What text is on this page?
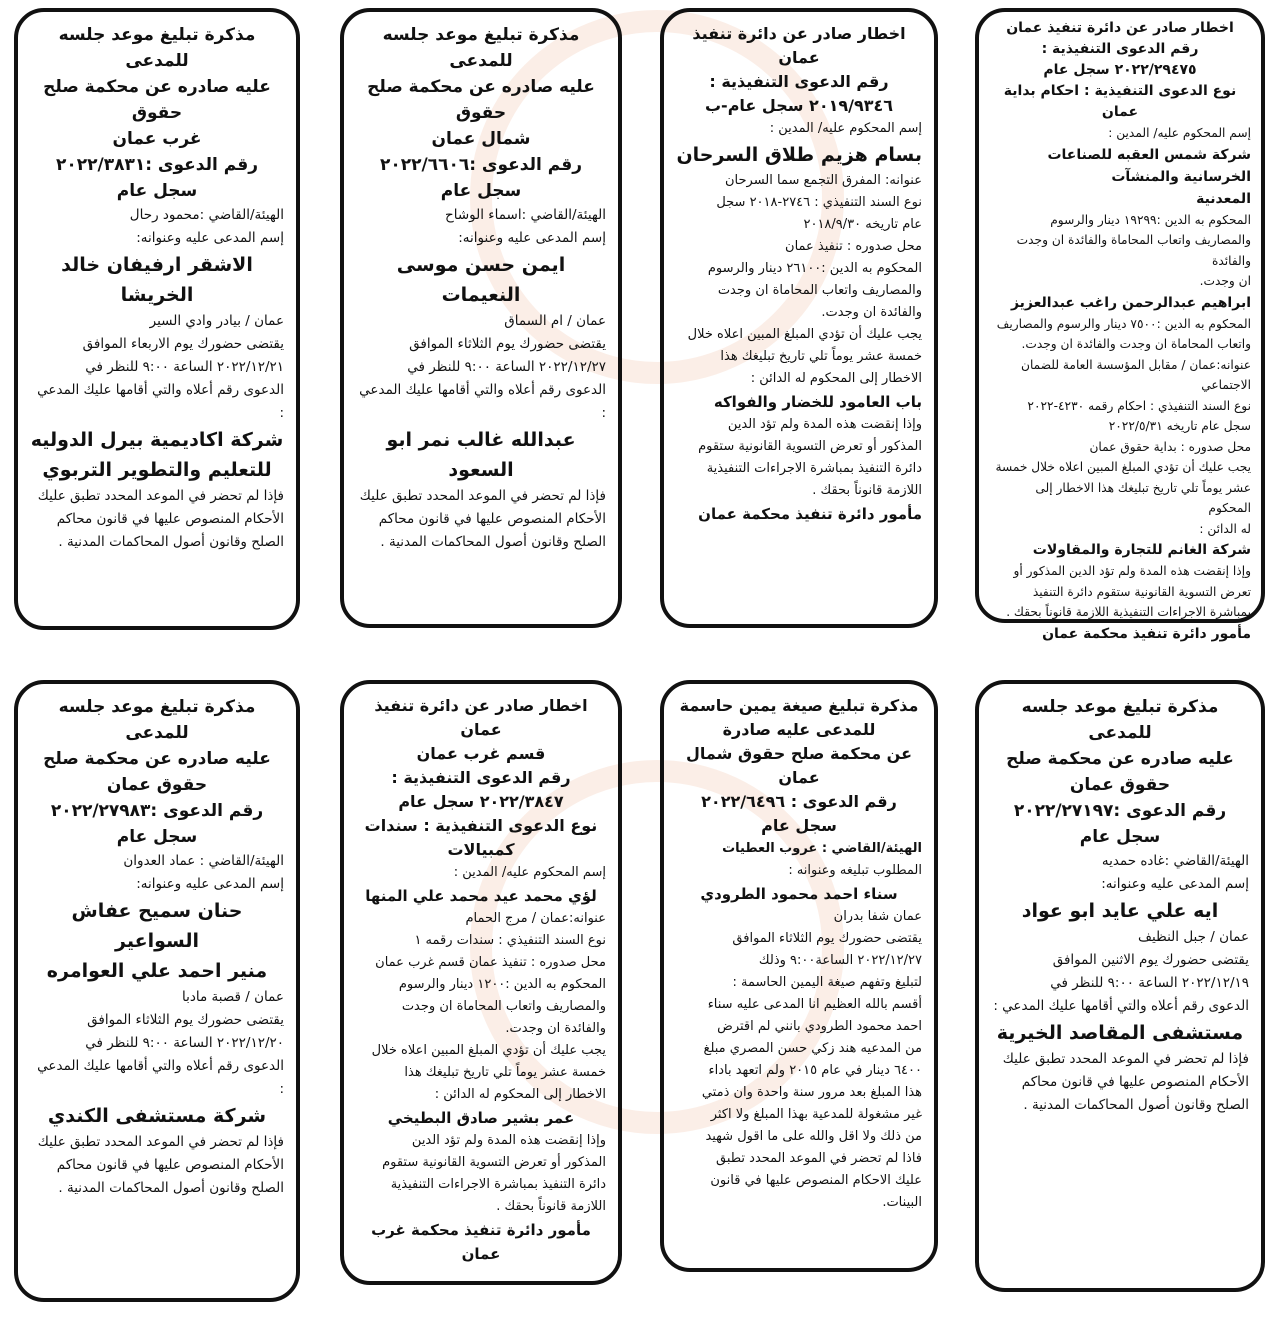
اخطار صادر عن دائرة تنفيذ عمان

رقم الدعوى التنفيذية :

٢٠٢٢/٢٩٤٧٥ سجل عام

نوع الدعوى التنفيذية : احكام بداية عمان

إسم المحكوم عليه/ المدين :

شركة شمس العقبه للصناعات الخرسانية والمنشآت

المعدنية

المحكوم به الدين :١٩٢٩٩ دينار والرسوم

والمصاريف واتعاب المحاماة والفائدة ان وجدت والفائدة

ان وجدت.

ابراهيم عبدالرحمن راغب عبدالعزيز

المحكوم به الدين :٧٥٠٠ دينار والرسوم والمصاريف

واتعاب المحاماة ان وجدت والفائدة ان وجدت.

عنوانه:عمان / مقابل المؤسسة العامة للضمان

الاجتماعي

نوع السند التنفيذي : احكام رقمه ٤٢٣٠-٢٠٢٢

سجل عام تاريخه ٢٠٢٢/٥/٣١

محل صدوره : بداية حقوق عمان

يجب عليك أن تؤدي المبلغ المبين اعلاه خلال خمسة

عشر يوماً تلي تاريخ تبليغك هذا الاخطار إلى المحكوم

له الدائن :

شركة الغانم للتجارة والمقاولات

وإذا إنقضت هذه المدة ولم تؤد الدين المذكور أو

تعرض التسوية القانونية ستقوم دائرة التنفيذ

بمباشرة الاجراءات التنفيذية اللازمة قانوناً بحقك .

مأمور دائرة تنفيذ محكمة عمان

اخطار صادر عن دائرة تنفيذ عمان

رقم الدعوى التنفيذية :

٢٠١٩/٩٣٤٦ سجل عام-ب

إسم المحكوم عليه/ المدين :

بسام هزيم طلاق السرحان

عنوانه: المفرق التجمع سما السرحان

نوع السند التنفيذي : ٢٧٤٦-٢٠١٨ سجل

عام تاريخه ٢٠١٨/٩/٣٠

محل صدوره : تنفيذ عمان

المحكوم به الدين :٢٦١٠٠ دينار والرسوم

والمصاريف واتعاب المحاماة ان وجدت

والفائدة ان وجدت.

يجب عليك أن تؤدي المبلغ المبين اعلاه خلال

خمسة عشر يوماً تلي تاريخ تبليغك هذا

الاخطار إلى المحكوم له الدائن :

باب العامود للخضار والفواكه

وإذا إنقضت هذه المدة ولم تؤد الدين

المذكور أو تعرض التسوية القانونية ستقوم

دائرة التنفيذ بمباشرة الاجراءات التنفيذية

اللازمة قانوناً بحقك .

مأمور دائرة تنفيذ محكمة عمان

مذكرة تبليغ موعد جلسه للمدعى

عليه صادره عن محكمة صلح حقوق

شمال عمان

رقم الدعوى :٢٠٢٢/٦٦٠٦

سجل عام

الهيئة/القاضي :اسماء الوشاح

إسم المدعى عليه وعنوانه:

ايمن حسن موسى النعيمات

عمان / ام السماق

يقتضى حضورك يوم الثلاثاء الموافق

٢٠٢٢/١٢/٢٧ الساعة ٩:٠٠ للنظر في

الدعوى رقم أعلاه والتي أقامها عليك المدعي :

عبدالله غالب نمر ابو السعود

فإذا لم تحضر في الموعد المحدد تطبق عليك

الأحكام المنصوص عليها في قانون محاكم

الصلح وقانون أصول المحاكمات المدنية .

مذكرة تبليغ موعد جلسه للمدعى

عليه صادره عن محكمة صلح حقوق

غرب عمان

رقم الدعوى :٢٠٢٢/٣٨٣١

سجل عام

الهيئة/القاضي :محمود رحال

إسم المدعى عليه وعنوانه:

الاشقر ارفيفان خالد الخريشا

عمان / بيادر وادي السير

يقتضى حضورك يوم الاربعاء الموافق

٢٠٢٢/١٢/٢١ الساعة ٩:٠٠ للنظر في

الدعوى رقم أعلاه والتي أقامها عليك المدعي :

شركة اكاديمية بيرل الدوليه

للتعليم والتطوير التربوي

فإذا لم تحضر في الموعد المحدد تطبق عليك

الأحكام المنصوص عليها في قانون محاكم

الصلح وقانون أصول المحاكمات المدنية .

مذكرة تبليغ موعد جلسه للمدعى

عليه صادره عن محكمة صلح حقوق عمان

رقم الدعوى :٢٠٢٢/٢٧١٩٧

سجل عام

الهيئة/القاضي :غاده حمديه

إسم المدعى عليه وعنوانه:

ايه علي عايد ابو عواد

عمان / جبل النظيف

يقتضى حضورك يوم الاثنين الموافق

٢٠٢٢/١٢/١٩ الساعة ٩:٠٠ للنظر في

الدعوى رقم أعلاه والتي أقامها عليك المدعي :

مستشفى المقاصد الخيرية

فإذا لم تحضر في الموعد المحدد تطبق عليك

الأحكام المنصوص عليها في قانون محاكم

الصلح وقانون أصول المحاكمات المدنية .

مذكرة تبليغ صيغة يمين حاسمة

للمدعى عليه صادرة

عن محكمة صلح حقوق شمال عمان

رقم الدعوى : ٢٠٢٢/٦٤٩٦

سجل عام

الهيئة/القاضي : عروب العطيات

المطلوب تبليغه وعنوانه :

سناء احمد محمود الطرودي

عمان شفا بدران

يقتضى حضورك يوم الثلاثاء الموافق

٢٠٢٢/١٢/٢٧ الساعة٩:٠٠ وذلك

لتبليغ وتفهم صيغة اليمين الحاسمة :

أقسم بالله العظيم انا المدعى عليه سناء

احمد محمود الطرودي بانني لم اقترض

من المدعيه هند زكي حسن المصري مبلغ

٦٤٠٠ دينار في عام ٢٠١٥ ولم اتعهد باداء

هذا المبلغ بعد مرور سنة واحدة وان ذمتي

غير مشغولة للمدعية بهذا المبلغ ولا اكثر

من ذلك ولا اقل والله على ما اقول شهيد

فاذا لم تحضر في الموعد المحدد تطبق

عليك الاحكام المنصوص عليها في قانون

البينات.

اخطار صادر عن دائرة تنفيذ عمان

قسم غرب عمان

رقم الدعوى التنفيذية :

٢٠٢٢/٣٨٤٧ سجل عام

نوع الدعوى التنفيذية : سندات كمبيالات

إسم المحكوم عليه/ المدين :

لؤي محمد عيد محمد علي المنها

عنوانه:عمان / مرج الحمام

نوع السند التنفيذي : سندات رقمه ١

محل صدوره : تنفيذ عمان قسم غرب عمان

المحكوم به الدين :١٢٠٠ دينار والرسوم

والمصاريف واتعاب المحاماة ان وجدت

والفائدة ان وجدت.

يجب عليك أن تؤدي المبلغ المبين اعلاه خلال

خمسة عشر يوماً تلي تاريخ تبليغك هذا

الاخطار إلى المحكوم له الدائن :

عمر بشير صادق البطيخي

وإذا إنقضت هذه المدة ولم تؤد الدين

المذكور أو تعرض التسوية القانونية ستقوم

دائرة التنفيذ بمباشرة الاجراءات التنفيذية

اللازمة قانوناً بحقك .

مأمور دائرة تنفيذ محكمة غرب عمان

مذكرة تبليغ موعد جلسه للمدعى

عليه صادره عن محكمة صلح حقوق عمان

رقم الدعوى :٢٠٢٢/٢٧٩٨٣

سجل عام

الهيئة/القاضي : عماد العدوان

إسم المدعى عليه وعنوانه:

حنان سميح عفاش السواعير

منير احمد علي العوامره

عمان / قصبة مادبا

يقتضى حضورك يوم الثلاثاء الموافق

٢٠٢٢/١٢/٢٠ الساعة ٩:٠٠ للنظر في

الدعوى رقم أعلاه والتي أقامها عليك المدعي :

شركة مستشفى الكندي

فإذا لم تحضر في الموعد المحدد تطبق عليك

الأحكام المنصوص عليها في قانون محاكم

الصلح وقانون أصول المحاكمات المدنية .
